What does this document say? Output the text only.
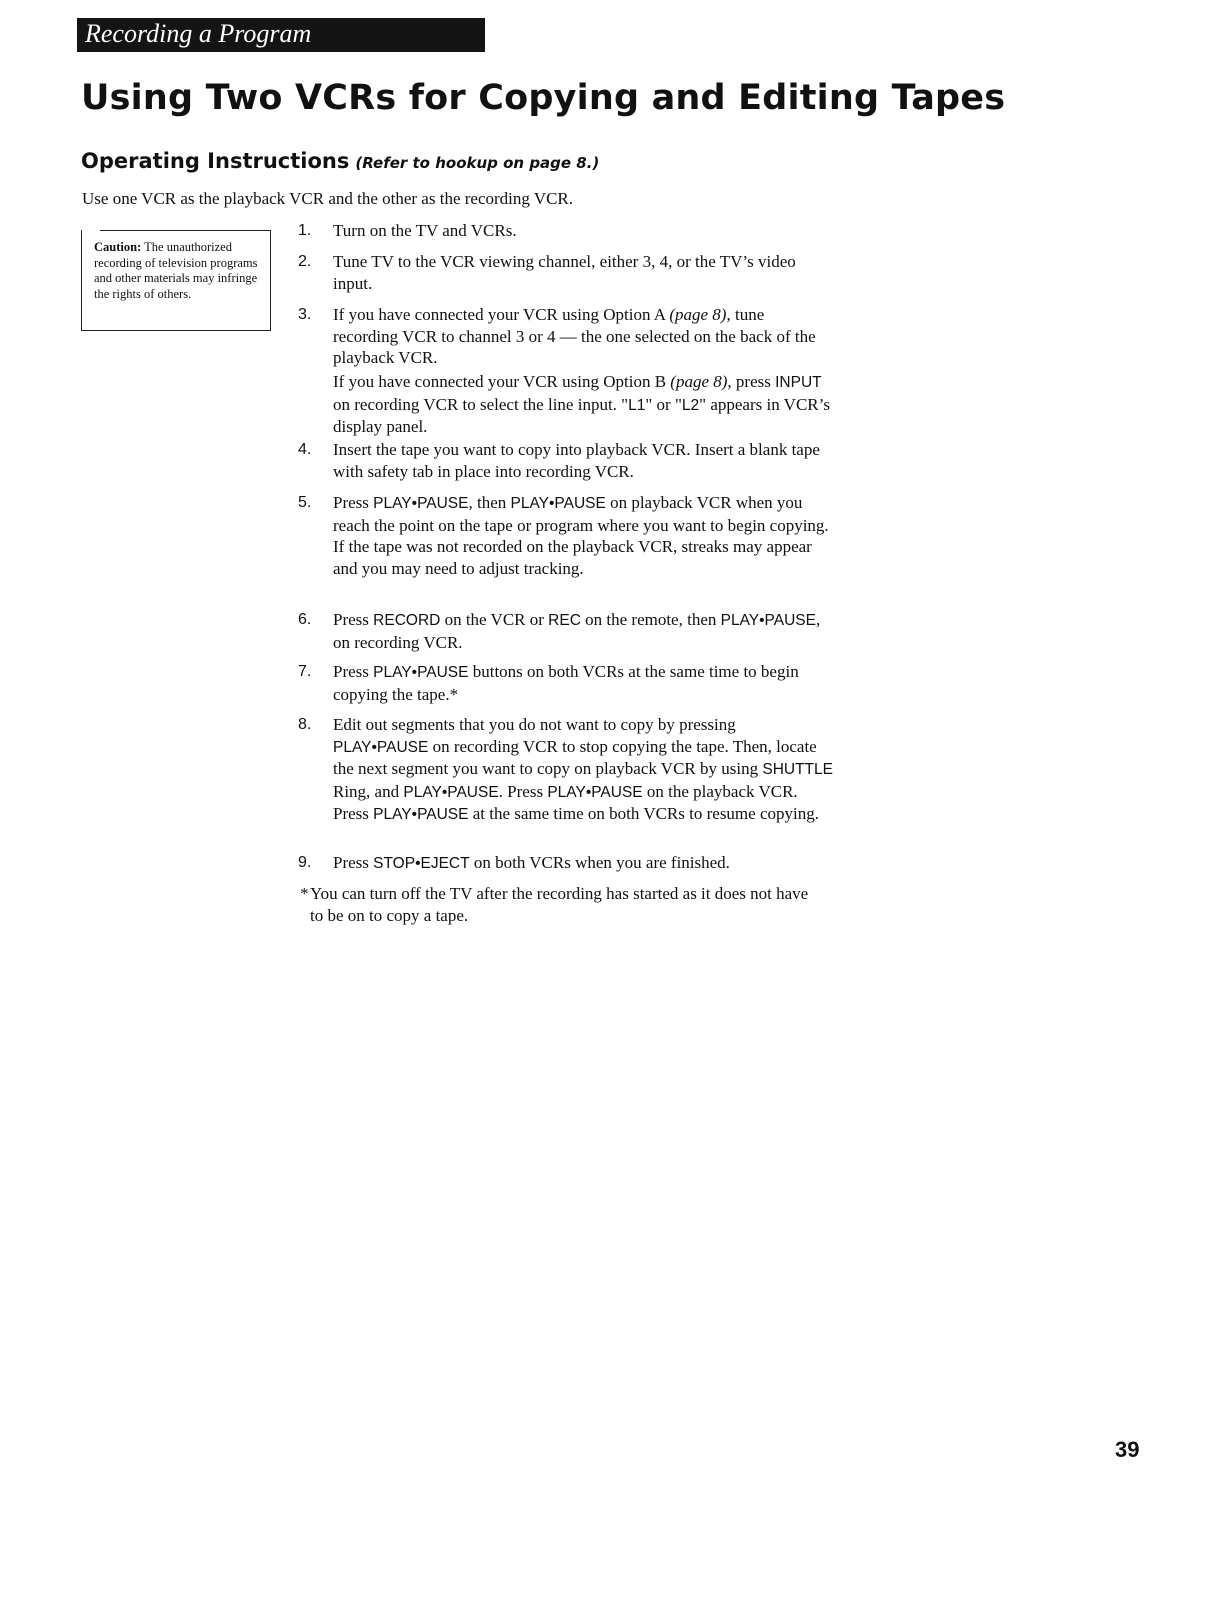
Recording a Program
Using Two VCRs for Copying and Editing Tapes
Operating Instructions (Refer to hookup on page 8.)
Use one VCR as the playback VCR and the other as the recording VCR.
Caution: The unauthorized recording of television programs and other materials may infringe the rights of others.
1. Turn on the TV and VCRs.
2. Tune TV to the VCR viewing channel, either 3, 4, or the TV’s video input.
3. If you have connected your VCR using Option A (page 8), tune recording VCR to channel 3 or 4 — the one selected on the back of the playback VCR.
If you have connected your VCR using Option B (page 8), press INPUT on recording VCR to select the line input. "L1" or "L2" appears in VCR’s display panel.
4. Insert the tape you want to copy into playback VCR. Insert a blank tape with safety tab in place into recording VCR.
5. Press PLAY•PAUSE, then PLAY•PAUSE on playback VCR when you reach the point on the tape or program where you want to begin copying. If the tape was not recorded on the playback VCR, streaks may appear and you may need to adjust tracking.
6. Press RECORD on the VCR or REC on the remote, then PLAY•PAUSE, on recording VCR.
7. Press PLAY•PAUSE buttons on both VCRs at the same time to begin copying the tape.*
8. Edit out segments that you do not want to copy by pressing PLAY•PAUSE on recording VCR to stop copying the tape. Then, locate the next segment you want to copy on playback VCR by using SHUTTLE Ring, and PLAY•PAUSE. Press PLAY•PAUSE on the playback VCR. Press PLAY•PAUSE at the same time on both VCRs to resume copying.
9. Press STOP•EJECT on both VCRs when you are finished.
* You can turn off the TV after the recording has started as it does not have to be on to copy a tape.
39
